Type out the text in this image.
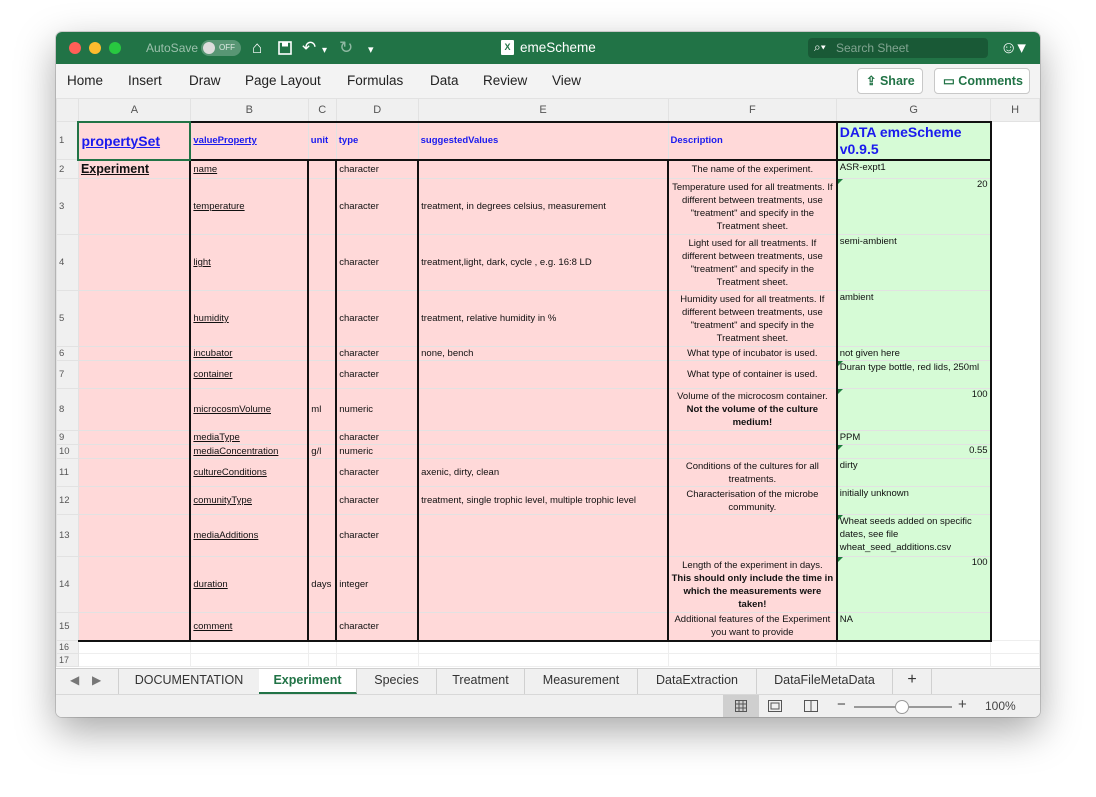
AutoSave	OFF ⌂ ↶ ▾ ↻ ▾	X emeScheme	⌕▾ Search Sheet	☺▾
Home Insert Draw Page Layout Formulas Data Review View	⇪ Share	▭ Comments
	A	B	C	D	E	F	G	H
1	propertySet	valueProperty	unit	type	suggestedValues	Description	DATA emeScheme v0.9.5	
2	Experiment	name		character		The name of the experiment.	ASR-expt1	
3		temperature		character	treatment, in degrees celsius, measurement	Temperature used for all treatments. If different between treatments, use "treatment" and specify in the Treatment sheet.	20	
4		light		character	treatment,light, dark, cycle , e.g. 16:8 LD	Light used for all treatments. If different between treatments, use "treatment" and specify in the Treatment sheet.	semi-ambient	
5		humidity		character	treatment, relative humidity in %	Humidity used for all treatments. If different between treatments, use "treatment" and specify in the Treatment sheet.	ambient	
6		incubator		character	none, bench	What type of incubator is used.	not given here	
7		container		character		What type of container is used.	Duran type bottle, red lids, 250ml	
8		microcosmVolume	ml	numeric		Volume of the microcosm container.
Not the volume of the culture medium!	100	
9		mediaType		character			PPM	
10		mediaConcentration	g/l	numeric			0.55	
11		cultureConditions		character	axenic, dirty, clean	Conditions of the cultures for all treatments.	dirty	
12		comunityType		character	treatment, single trophic level, multiple trophic level	Characterisation of the microbe community.	initially unknown	
13		mediaAdditions		character			Wheat seeds added on specific dates, see file wheat_seed_additions.csv	
14		duration	days	integer		Length of the experiment in days.
This should only include the time in which the measurements were taken!	100	
15		comment		character		Additional features of the Experiment you want to provide	NA	
16								
17								
◀ ▶	DOCUMENTATION	Experiment	Species	Treatment	Measurement	DataExtraction	DataFileMetaData	+
−	+ 100%
